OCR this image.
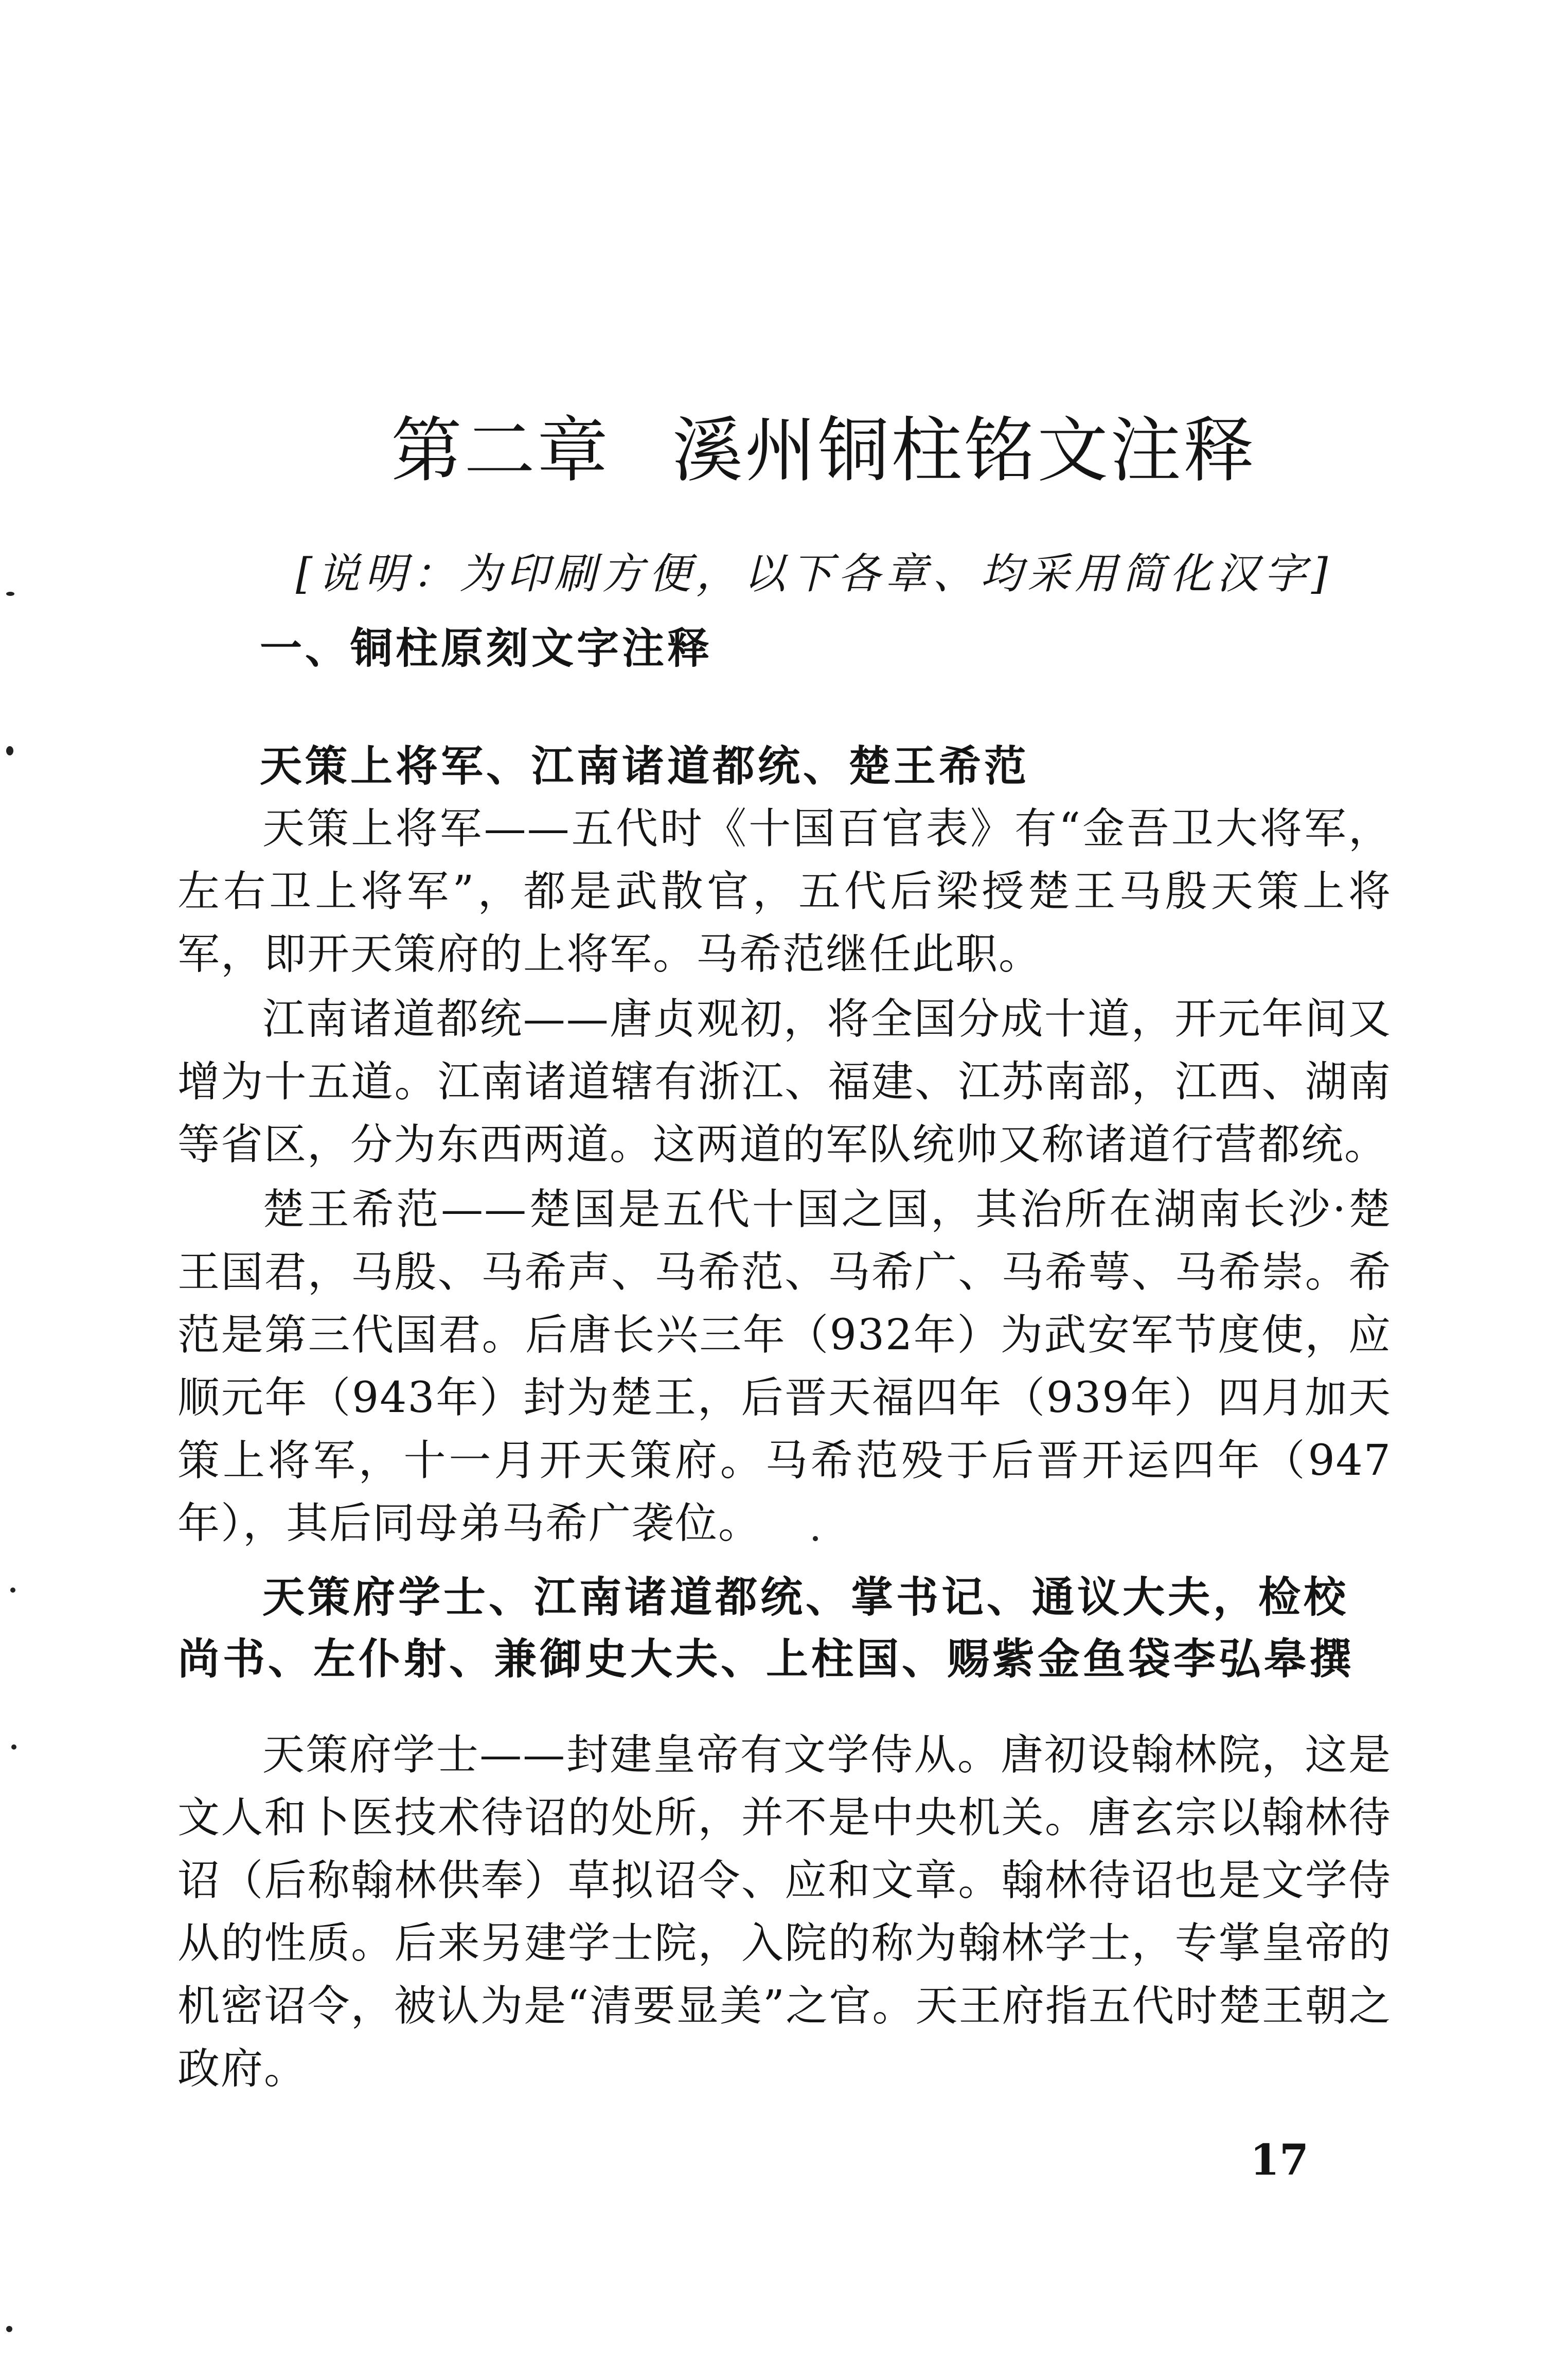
第二章 溪州铜柱铭文注释
[说明：为印刷方便，以下各章、均采用简化汉字]
一、铜柱原刻文字注释
天策上将军、江南诸道都统、楚王希范

天策上将军——五代时《十国百官表》有“金吾卫大将军，左右卫上将军”，都是武散官，五代后梁授楚王马殷天策上将军，即开天策府的上将军。马希范继任此职。

江南诸道都统——唐贞观初，将全国分成十道，开元年间又增为十五道。江南诸道辖有浙江、福建、江苏南部，江西、湖南等省区，分为东西两道。这两道的军队统帅又称诸道行营都统。

楚王希范——楚国是五代十国之国，其治所在湖南长沙·楚王国君，马殷、马希声、马希范、马希广、马希萼、马希崇。希范是第三代国君。后唐长兴三年（932年）为武安军节度使，应顺元年（943年）封为楚王，后晋天福四年（939年）四月加天策上将军，十一月开天策府。马希范殁于后晋开运四年（947年），其后同母弟马希广袭位。

天策府学士、江南诸道都统、掌书记、通议大夫，检校尚书、左仆射、兼御史大夫、上柱国、赐紫金鱼袋李弘皋撰

天策府学士——封建皇帝有文学侍从。唐初设翰林院，这是文人和卜医技术待诏的处所，并不是中央机关。唐玄宗以翰林待诏（后称翰林供奉）草拟诏令、应和文章。翰林待诏也是文学侍从的性质。后来另建学士院，入院的称为翰林学士，专掌皇帝的机密诏令，被认为是“清要显美”之官。天王府指五代时楚王朝之政府。

17
